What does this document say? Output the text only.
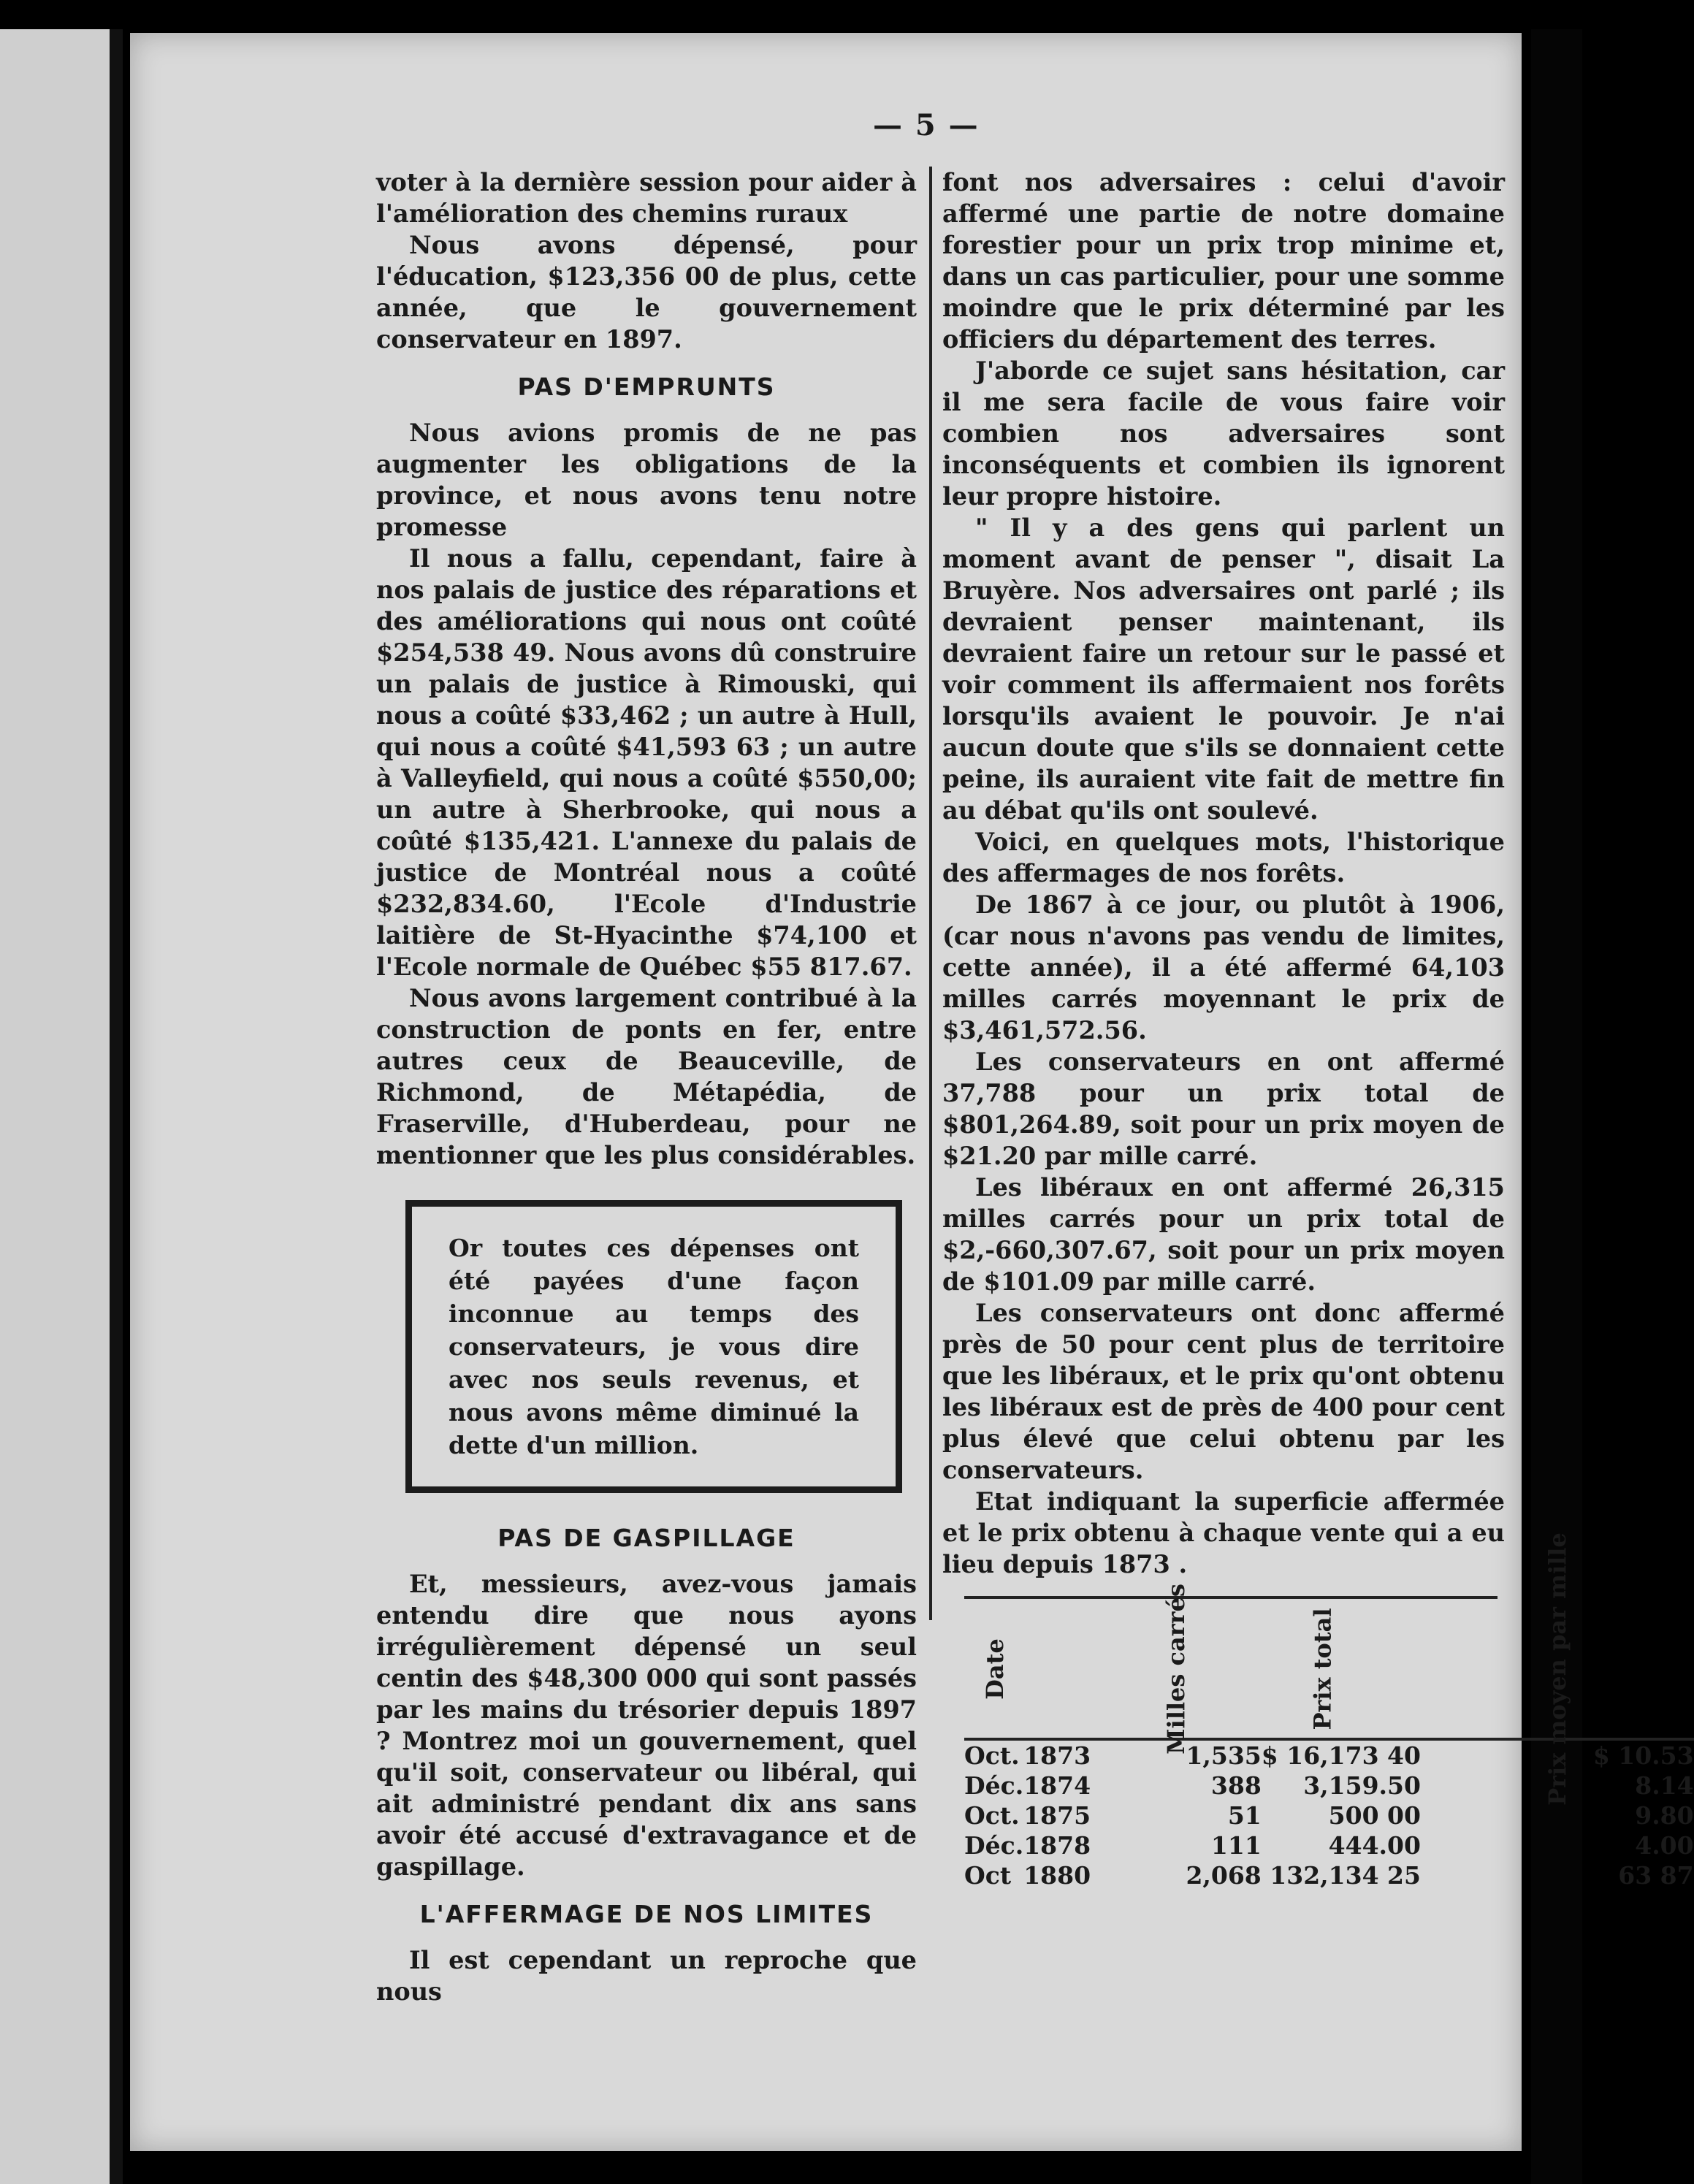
— 5 —

voter à la dernière session pour aider à l'amélioration des chemins ruraux

Nous avons dépensé, pour l'éducation, $123,356 00 de plus, cette année, que le gouvernement conservateur en 1897.

PAS D'EMPRUNTS

Nous avions promis de ne pas augmenter les obligations de la province, et nous avons tenu notre promesse

Il nous a fallu, cependant, faire à nos palais de justice des réparations et des améliorations qui nous ont coûté $254,538 49. Nous avons dû construire un palais de justice à Rimouski, qui nous a coûté $33,462 ; un autre à Hull, qui nous a coûté $41,593 63 ; un autre à Valleyfield, qui nous a coûté $550,00; un autre à Sherbrooke, qui nous a coûté $135,421. L'annexe du palais de justice de Montréal nous a coûté $232,834.60, l'Ecole d'Industrie laitière de St-Hyacinthe $74,100 et l'Ecole normale de Québec $55 817.67.

Nous avons largement contribué à la construction de ponts en fer, entre autres ceux de Beauceville, de Richmond, de Métapédia, de Fraserville, d'Huberdeau, pour ne mentionner que les plus considérables.

Or toutes ces dépenses ont été payées d'une façon inconnue au temps des conservateurs, je vous dire avec nos seuls revenus, et nous avons même diminué la dette d'un million.
PAS DE GASPILLAGE

Et, messieurs, avez-vous jamais entendu dire que nous ayons irrégulièrement dépensé un seul centin des $48,300 000 qui sont passés par les mains du trésorier depuis 1897 ? Montrez moi un gouvernement, quel qu'il soit, conservateur ou libéral, qui ait administré pendant dix ans sans avoir été accusé d'extravagance et de gaspillage.

L'AFFERMAGE DE NOS LIMITES

Il est cependant un reproche que nous

font nos adversaires : celui d'avoir affermé une partie de notre domaine forestier pour un prix trop minime et, dans un cas particulier, pour une somme moindre que le prix déterminé par les officiers du département des terres.

J'aborde ce sujet sans hésitation, car il me sera facile de vous faire voir combien nos adversaires sont inconséquents et combien ils ignorent leur propre histoire.

" Il y a des gens qui parlent un moment avant de penser ", disait La Bruyère. Nos adversaires ont parlé ; ils devraient penser maintenant, ils devraient faire un retour sur le passé et voir comment ils affermaient nos forêts lorsqu'ils avaient le pouvoir. Je n'ai aucun doute que s'ils se donnaient cette peine, ils auraient vite fait de mettre fin au débat qu'ils ont soulevé.

Voici, en quelques mots, l'historique des affermages de nos forêts.

De 1867 à ce jour, ou plutôt à 1906, (car nous n'avons pas vendu de limites, cette année), il a été affermé 64,103 milles carrés moyennant le prix de $3,461,572.56.

Les conservateurs en ont affermé 37,788 pour un prix total de $801,264.89, soit pour un prix moyen de $21.20 par mille carré.

Les libéraux en ont affermé 26,315 milles carrés pour un prix total de $2,-660,307.67, soit pour un prix moyen de $101.09 par mille carré.

Les conservateurs ont donc affermé près de 50 pour cent plus de territoire que les libéraux, et le prix qu'ont obtenu les libéraux est de près de 400 pour cent plus élevé que celui obtenu par les conservateurs.

Etat indiquant la superficie affermée et le prix obtenu à chaque vente qui a eu lieu depuis 1873 .

Date		Milles carrés	Prix total	Prix moyen par mille
Oct.	1873	1,535	$ 16,173 40	$ 10.53
Déc.	1874	388	3,159.50	8.14
Oct.	1875	51	500 00	9.80
Déc.	1878	111	444.00	4.00
Oct	1880	2,068	132,134 25	63 87
